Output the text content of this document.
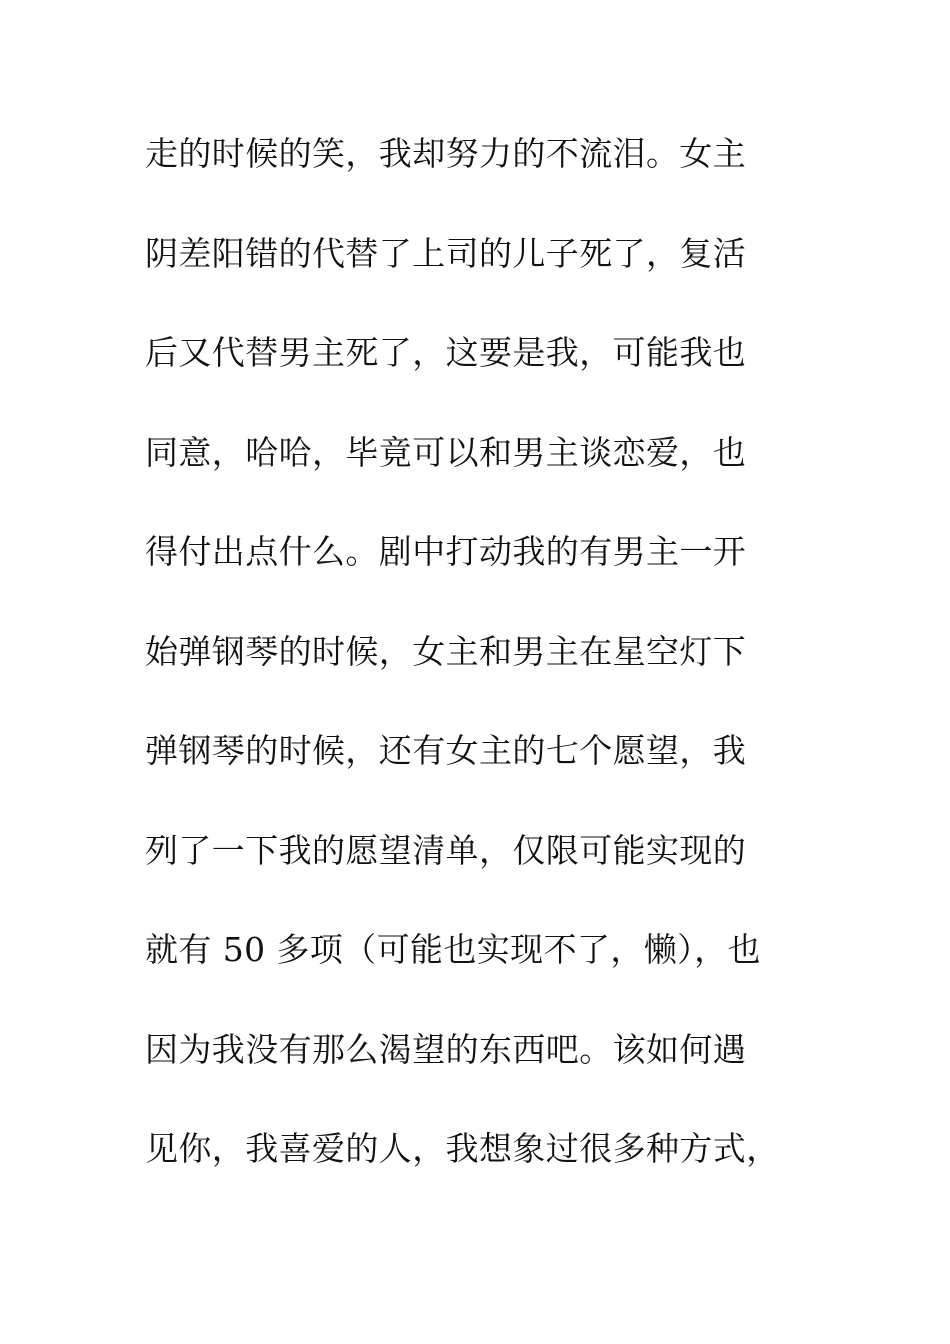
走的时候的笑，我却努力的不流泪。女主
阴差阳错的代替了上司的儿子死了，复活
后又代替男主死了，这要是我，可能我也
同意，哈哈，毕竟可以和男主谈恋爱，也
得付出点什么。剧中打动我的有男主一开
始弹钢琴的时候，女主和男主在星空灯下
弹钢琴的时候，还有女主的七个愿望，我
列了一下我的愿望清单，仅限可能实现的
就有 50 多项（可能也实现不了，懒），也
因为我没有那么渴望的东西吧。该如何遇
见你，我喜爱的人，我想象过很多种方式，
